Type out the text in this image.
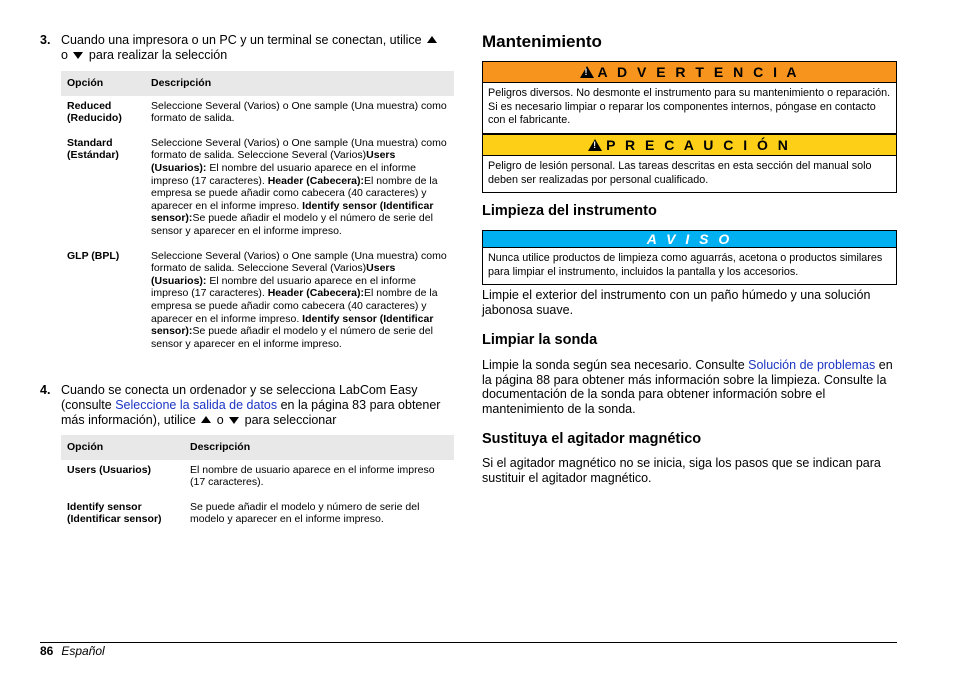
3. Cuando una impresora o un PC y un terminal se conectan, utilice
o para realizar la selección
Opción	Descripción
Reduced
(Reducido)	Seleccione Several (Varios) o One sample (Una muestra) como formato de salida.
Standard
(Estándar)	Seleccione Several (Varios) o One sample (Una muestra) como formato de salida. Seleccione Several (Varios)Users (Usuarios): El nombre del usuario aparece en el informe impreso (17 caracteres). Header (Cabecera):El nombre de la empresa se puede añadir como cabecera (40 caracteres) y aparecer en el informe impreso. Identify sensor (Identificar sensor):Se puede añadir el modelo y el número de serie del sensor y aparecer en el informe impreso.
GLP (BPL)	Seleccione Several (Varios) o One sample (Una muestra) como formato de salida. Seleccione Several (Varios)Users (Usuarios): El nombre del usuario aparece en el informe impreso (17 caracteres). Header (Cabecera):El nombre de la empresa se puede añadir como cabecera (40 caracteres) y aparecer en el informe impreso. Identify sensor (Identificar sensor):Se puede añadir el modelo y el número de serie del sensor y aparecer en el informe impreso.
4. Cuando se conecta un ordenador y se selecciona LabCom Easy (consulte Seleccione la salida de datos en la página 83 para obtener más información), utilice o para seleccionar
Opción	Descripción
Users (Usuarios)	El nombre de usuario aparece en el informe impreso (17 caracteres).
Identify sensor
(Identificar sensor)	Se puede añadir el modelo y número de serie del modelo y aparecer en el informe impreso.
Mantenimiento
! A D V E R T E N C I A
Peligros diversos. No desmonte el instrumento para su mantenimiento o reparación. Si es necesario limpiar o reparar los componentes internos, póngase en contacto con el fabricante.
! P R E C A U C I Ó N
Peligro de lesión personal. Las tareas descritas en esta sección del manual solo deben ser realizadas por personal cualificado.
Limpieza del instrumento
A V I S O
Nunca utilice productos de limpieza como aguarrás, acetona o productos similares para limpiar el instrumento, incluidos la pantalla y los accesorios.
Limpie el exterior del instrumento con un paño húmedo y una solución jabonosa suave.
Limpiar la sonda
Limpie la sonda según sea necesario. Consulte Solución de problemas en la página 88 para obtener más información sobre la limpieza. Consulte la documentación de la sonda para obtener información sobre el mantenimiento de la sonda.
Sustituya el agitador magnético
Si el agitador magnético no se inicia, siga los pasos que se indican para sustituir el agitador magnético.
86 Español
